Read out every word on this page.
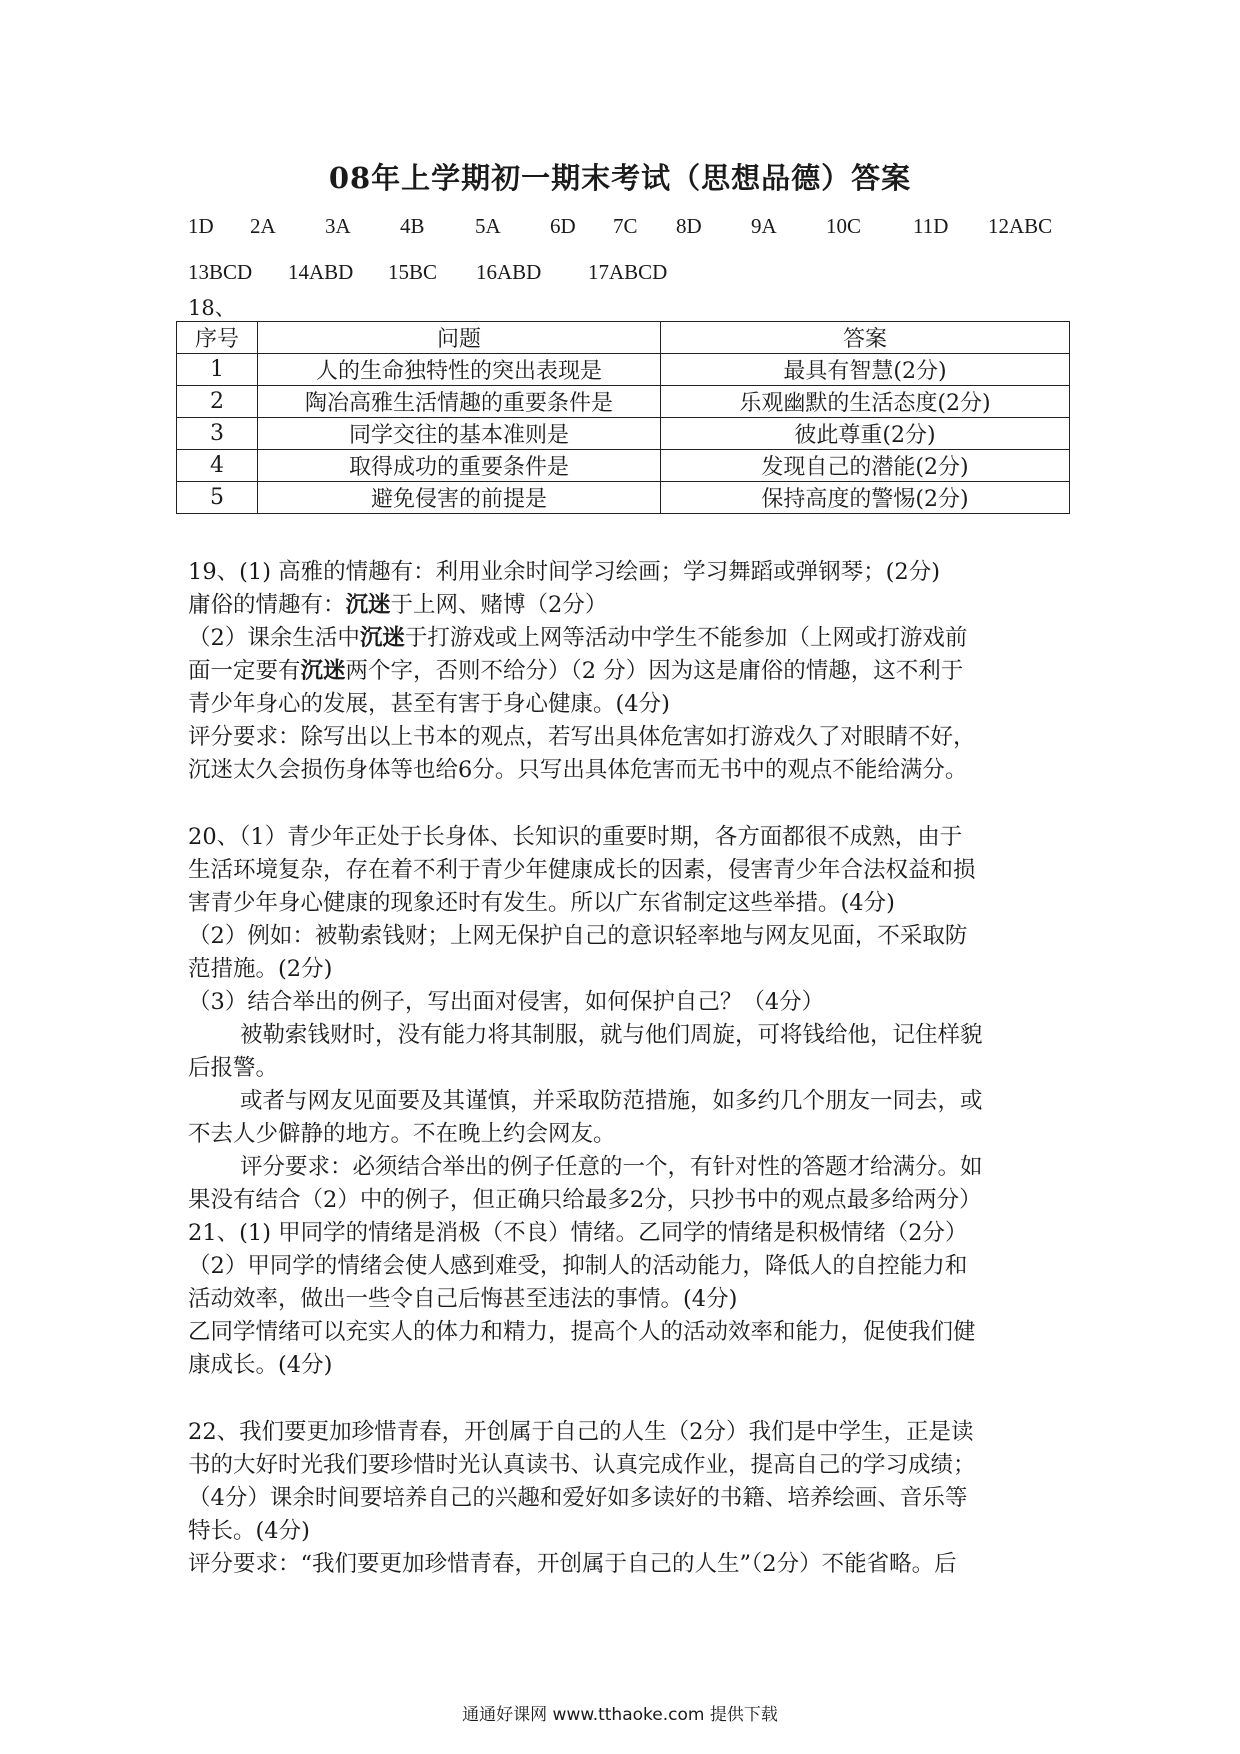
08年上学期初一期末考试（思想品德）答案
1D 2A 3A 4B 5A 6D 7C 8D 9A 10C 11D 12ABC
13BCD 14ABD 15BC 16ABD 17ABCD
18、
序号	问题	答案
1	人的生命独特性的突出表现是	最具有智慧(2分)
2	陶冶高雅生活情趣的重要条件是	乐观幽默的生活态度(2分)
3	同学交往的基本准则是	彼此尊重(2分)
4	取得成功的重要条件是	发现自己的潜能(2分)
5	避免侵害的前提是	保持高度的警惕(2分)

19、(1) 高雅的情趣有：利用业余时间学习绘画；学习舞蹈或弹钢琴；(2分)

庸俗的情趣有：沉迷于上网、赌博（2分）

（2）课余生活中沉迷于打游戏或上网等活动中学生不能参加（上网或打游戏前

面一定要有沉迷两个字，否则不给分）（2 分）因为这是庸俗的情趣，这不利于

青少年身心的发展，甚至有害于身心健康。(4分)

评分要求：除写出以上书本的观点，若写出具体危害如打游戏久了对眼睛不好，

沉迷太久会损伤身体等也给6分。只写出具体危害而无书中的观点不能给满分。

20、（1）青少年正处于长身体、长知识的重要时期，各方面都很不成熟，由于

生活环境复杂，存在着不利于青少年健康成长的因素，侵害青少年合法权益和损

害青少年身心健康的现象还时有发生。所以广东省制定这些举措。(4分)

（2）例如：被勒索钱财；上网无保护自己的意识轻率地与网友见面，不采取防

范措施。(2分)

（3）结合举出的例子，写出面对侵害，如何保护自己？（4分）

被勒索钱财时，没有能力将其制服，就与他们周旋，可将钱给他，记住样貌

后报警。

或者与网友见面要及其谨慎，并采取防范措施，如多约几个朋友一同去，或

不去人少僻静的地方。不在晚上约会网友。

评分要求：必须结合举出的例子任意的一个，有针对性的答题才给满分。如

果没有结合（2）中的例子，但正确只给最多2分，只抄书中的观点最多给两分）

21、(1) 甲同学的情绪是消极（不良）情绪。乙同学的情绪是积极情绪（2分）

（2）甲同学的情绪会使人感到难受，抑制人的活动能力，降低人的自控能力和

活动效率，做出一些令自己后悔甚至违法的事情。(4分)

乙同学情绪可以充实人的体力和精力，提高个人的活动效率和能力，促使我们健

康成长。(4分)

22、我们要更加珍惜青春，开创属于自己的人生（2分）我们是中学生，正是读

书的大好时光我们要珍惜时光认真读书、认真完成作业，提高自己的学习成绩；

（4分）课余时间要培养自己的兴趣和爱好如多读好的书籍、培养绘画、音乐等

特长。(4分)

评分要求：“我们要更加珍惜青春，开创属于自己的人生”（2分）不能省略。后

通通好课网 www.tthaoke.com 提供下载
